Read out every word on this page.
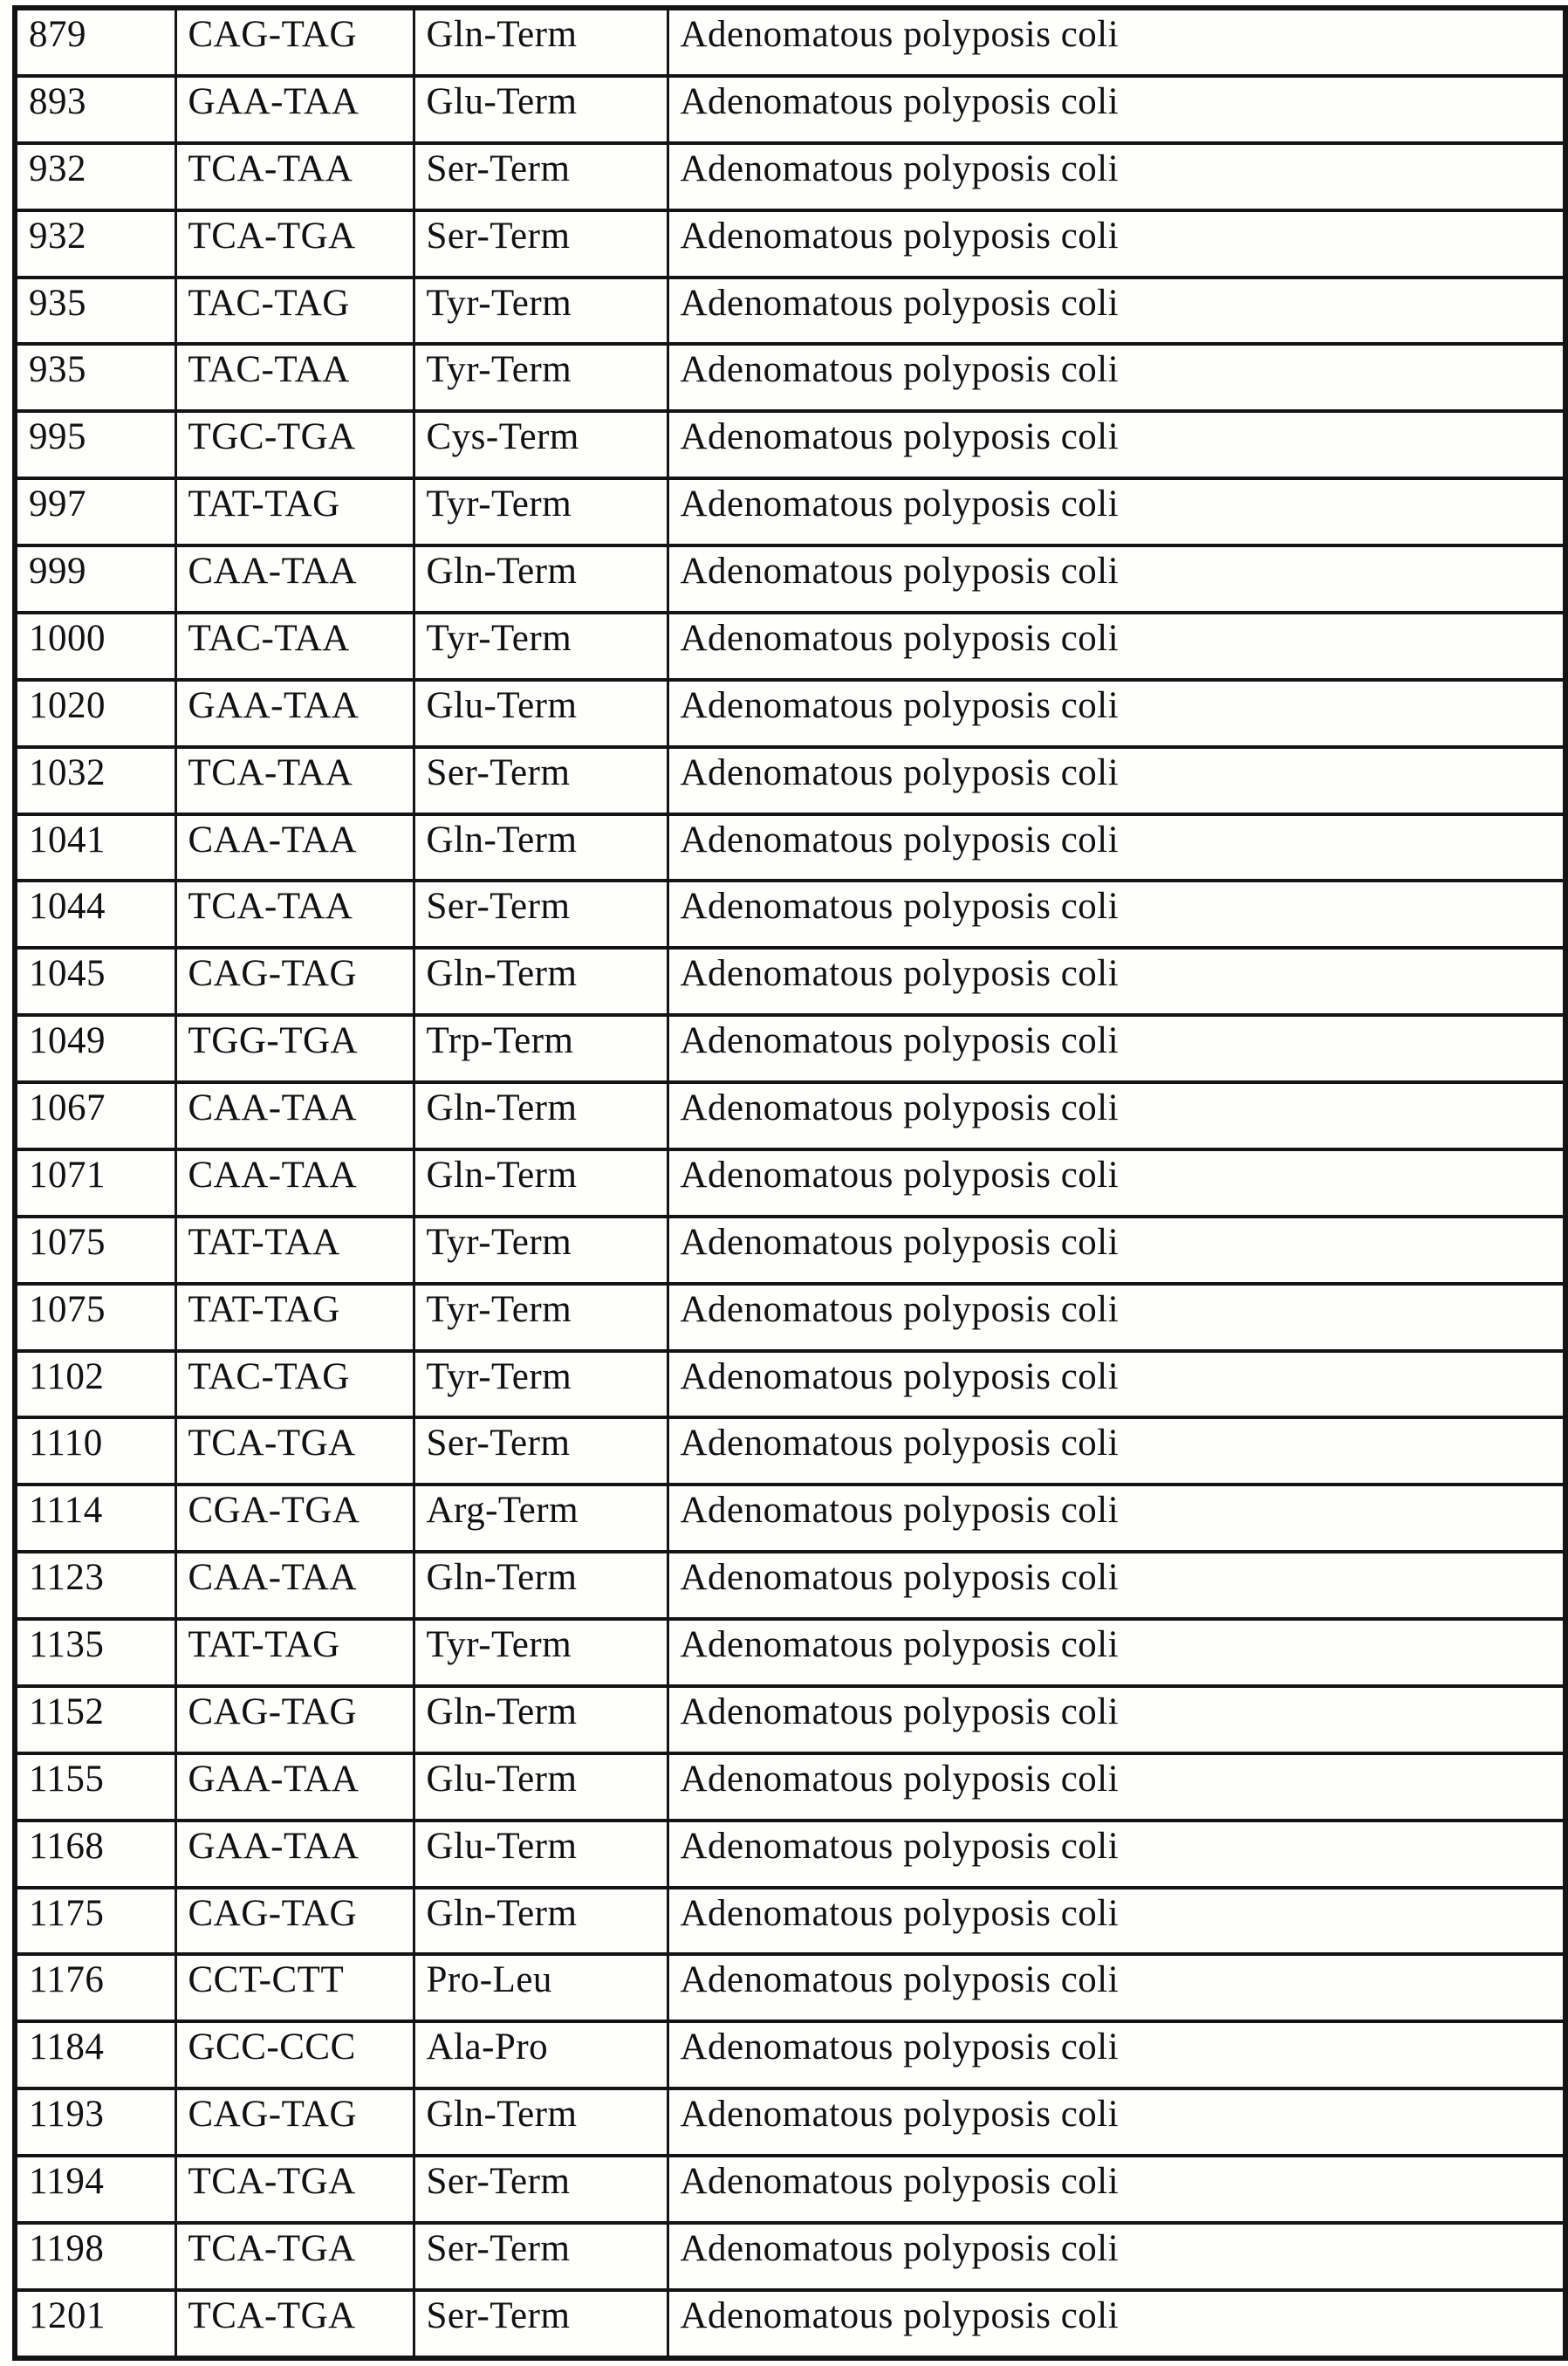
879	CAG-TAG	Gln-Term	Adenomatous polyposis coli
893	GAA-TAA	Glu-Term	Adenomatous polyposis coli
932	TCA-TAA	Ser-Term	Adenomatous polyposis coli
932	TCA-TGA	Ser-Term	Adenomatous polyposis coli
935	TAC-TAG	Tyr-Term	Adenomatous polyposis coli
935	TAC-TAA	Tyr-Term	Adenomatous polyposis coli
995	TGC-TGA	Cys-Term	Adenomatous polyposis coli
997	TAT-TAG	Tyr-Term	Adenomatous polyposis coli
999	CAA-TAA	Gln-Term	Adenomatous polyposis coli
1000	TAC-TAA	Tyr-Term	Adenomatous polyposis coli
1020	GAA-TAA	Glu-Term	Adenomatous polyposis coli
1032	TCA-TAA	Ser-Term	Adenomatous polyposis coli
1041	CAA-TAA	Gln-Term	Adenomatous polyposis coli
1044	TCA-TAA	Ser-Term	Adenomatous polyposis coli
1045	CAG-TAG	Gln-Term	Adenomatous polyposis coli
1049	TGG-TGA	Trp-Term	Adenomatous polyposis coli
1067	CAA-TAA	Gln-Term	Adenomatous polyposis coli
1071	CAA-TAA	Gln-Term	Adenomatous polyposis coli
1075	TAT-TAA	Tyr-Term	Adenomatous polyposis coli
1075	TAT-TAG	Tyr-Term	Adenomatous polyposis coli
1102	TAC-TAG	Tyr-Term	Adenomatous polyposis coli
1110	TCA-TGA	Ser-Term	Adenomatous polyposis coli
1114	CGA-TGA	Arg-Term	Adenomatous polyposis coli
1123	CAA-TAA	Gln-Term	Adenomatous polyposis coli
1135	TAT-TAG	Tyr-Term	Adenomatous polyposis coli
1152	CAG-TAG	Gln-Term	Adenomatous polyposis coli
1155	GAA-TAA	Glu-Term	Adenomatous polyposis coli
1168	GAA-TAA	Glu-Term	Adenomatous polyposis coli
1175	CAG-TAG	Gln-Term	Adenomatous polyposis coli
1176	CCT-CTT	Pro-Leu	Adenomatous polyposis coli
1184	GCC-CCC	Ala-Pro	Adenomatous polyposis coli
1193	CAG-TAG	Gln-Term	Adenomatous polyposis coli
1194	TCA-TGA	Ser-Term	Adenomatous polyposis coli
1198	TCA-TGA	Ser-Term	Adenomatous polyposis coli
1201	TCA-TGA	Ser-Term	Adenomatous polyposis coli
